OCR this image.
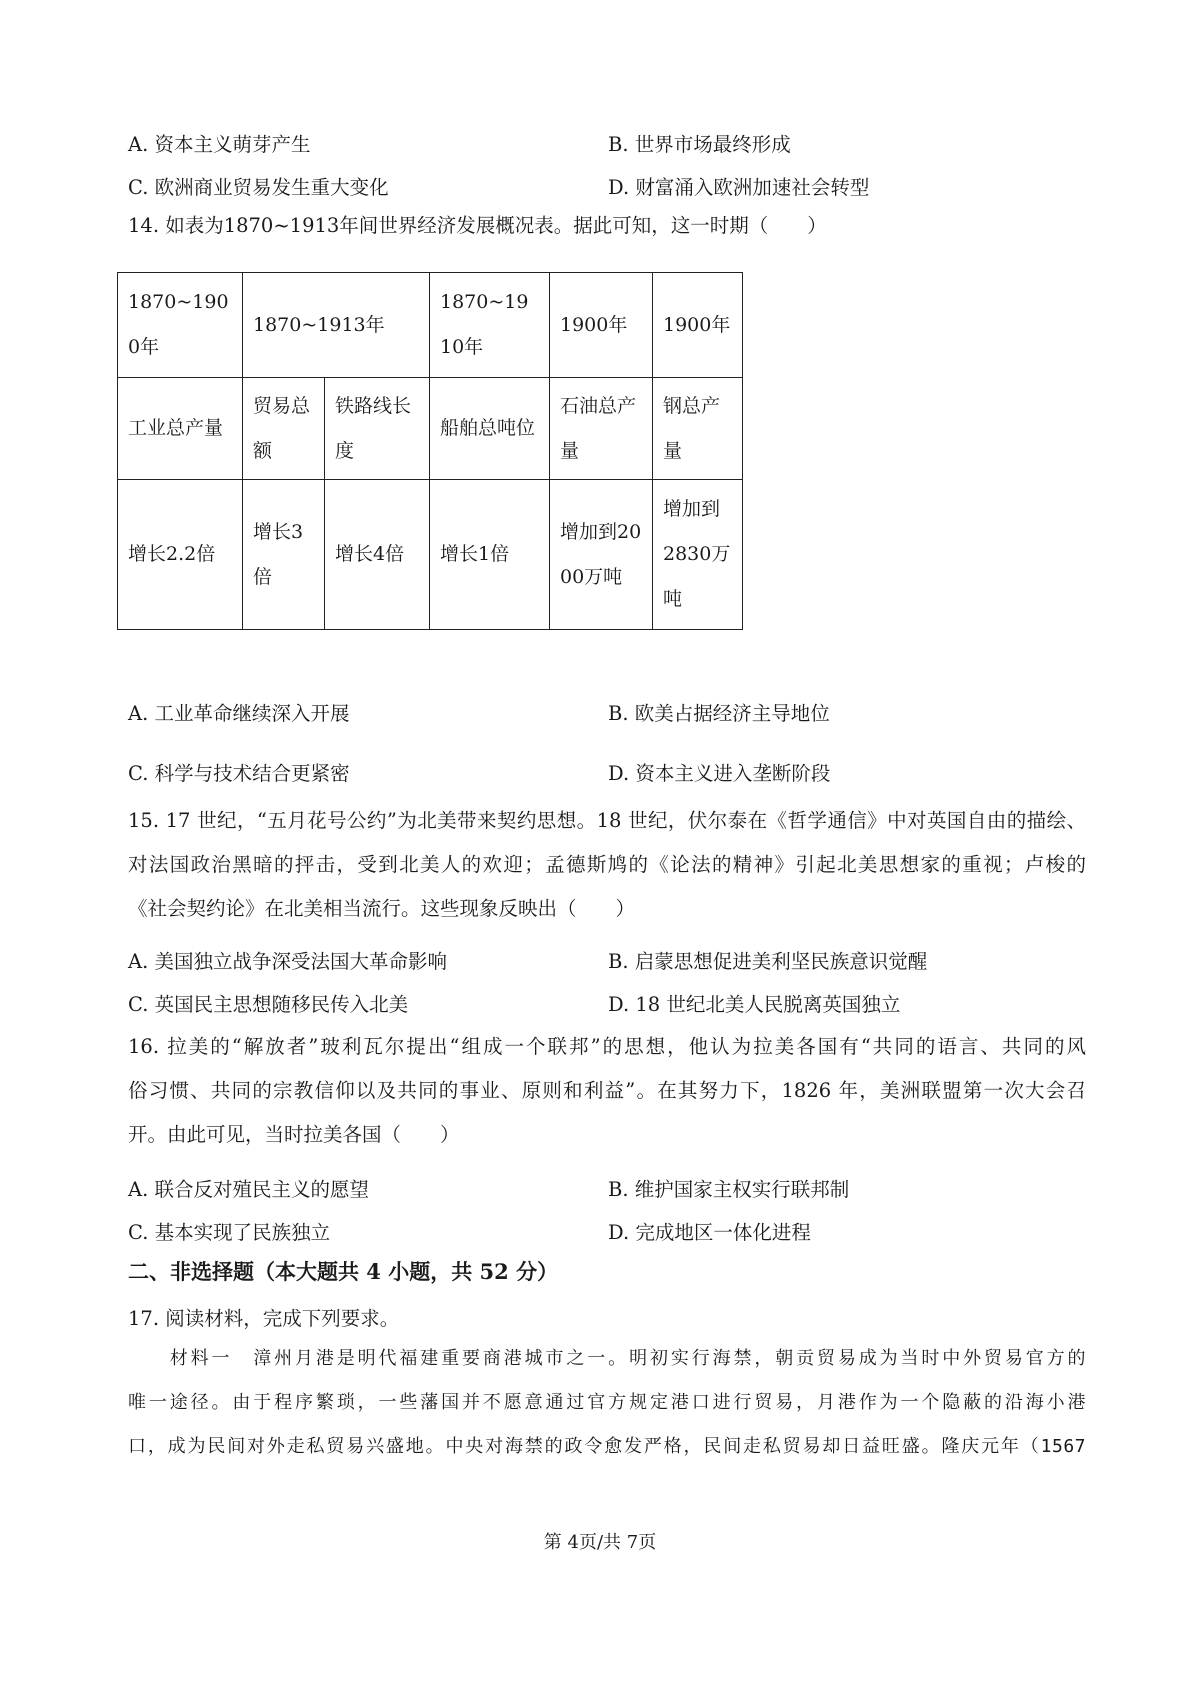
A. 资本主义萌芽产生	B. 世界市场最终形成
C. 欧洲商业贸易发生重大变化	D. 财富涌入欧洲加速社会转型
14. 如表为1870~1913年间世界经济发展概况表。据此可知，这一时期（　　）
1870~1900年	1870~1913年		1870~1910年	1900年	1900年
工业总产量	贸易总额	铁路线长度	船舶总吨位	石油总产量	钢总产量
增长2.2倍	增长3倍	增长4倍	增长1倍	增加到2000万吨	增加到2830万吨
A. 工业革命继续深入开展	B. 欧美占据经济主导地位
C. 科学与技术结合更紧密	D. 资本主义进入垄断阶段
15. 17 世纪，“五月花号公约”为北美带来契约思想。18 世纪，伏尔泰在《哲学通信》中对英国自由的描绘、
对法国政治黑暗的抨击，受到北美人的欢迎；孟德斯鸠的《论法的精神》引起北美思想家的重视；卢梭的
《社会契约论》在北美相当流行。这些现象反映出（　　）
A. 美国独立战争深受法国大革命影响	B. 启蒙思想促进美利坚民族意识觉醒
C. 英国民主思想随移民传入北美	D. 18 世纪北美人民脱离英国独立
16. 拉美的“解放者”玻利瓦尔提出“组成一个联邦”的思想，他认为拉美各国有“共同的语言、共同的风
俗习惯、共同的宗教信仰以及共同的事业、原则和利益”。在其努力下，1826 年，美洲联盟第一次大会召
开。由此可见，当时拉美各国（　　）
A. 联合反对殖民主义的愿望	B. 维护国家主权实行联邦制
C. 基本实现了民族独立	D. 完成地区一体化进程
二、非选择题（本大题共 4 小题，共 52 分）
17. 阅读材料，完成下列要求。
　　材料一　漳州月港是明代福建重要商港城市之一。明初实行海禁，朝贡贸易成为当时中外贸易官方的
唯一途径。由于程序繁琐，一些藩国并不愿意通过官方规定港口进行贸易，月港作为一个隐蔽的沿海小港
口，成为民间对外走私贸易兴盛地。中央对海禁的政令愈发严格，民间走私贸易却日益旺盛。隆庆元年（1567
第 4页/共 7页
